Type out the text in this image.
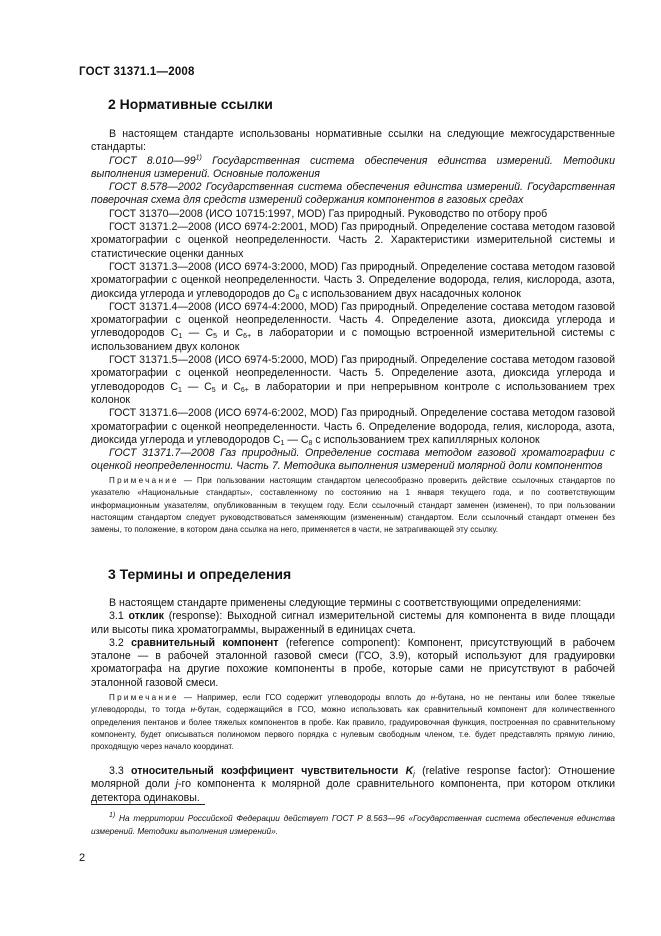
ГОСТ 31371.1—2008
2 Нормативные ссылки

В настоящем стандарте использованы нормативные ссылки на следующие межгосударственные стандарты:

ГОСТ 8.010—99$^{1)}$ Государственная система обеспечения единства измерений. Методики выполнения измерений. Основные положения

ГОСТ 8.578—2002 Государственная система обеспечения единства измерений. Государственная поверочная схема для средств измерений содержания компонентов в газовых средах

ГОСТ 31370—2008 (ИСО 10715:1997, MOD) Газ природный. Руководство по отбору проб

ГОСТ 31371.2—2008 (ИСО 6974-2:2001, MOD) Газ природный. Определение состава методом газовой хроматографии с оценкой неопределенности. Часть 2. Характеристики измерительной системы и статистические оценки данных

ГОСТ 31371.3—2008 (ИСО 6974-3:2000, MOD) Газ природный. Определение состава методом газовой хроматографии с оценкой неопределенности. Часть 3. Определение водорода, гелия, кислорода, азота, диоксида углерода и углеводородов до $C_8$ с использованием двух насадочных колонок

ГОСТ 31371.4—2008 (ИСО 6974-4:2000, MOD) Газ природный. Определение состава методом газовой хроматографии с оценкой неопределенности. Часть 4. Определение азота, диоксида углерода и углеводородов $C_1$ — $C_5$ и $C_{6+}$ в лаборатории и с помощью встроенной измерительной системы с использованием двух колонок

ГОСТ 31371.5—2008 (ИСО 6974-5:2000, MOD) Газ природный. Определение состава методом газовой хроматографии с оценкой неопределенности. Часть 5. Определение азота, диоксида углерода и углеводородов $C_1$ — $C_5$ и $C_{6+}$ в лаборатории и при непрерывном контроле с использованием трех колонок

ГОСТ 31371.6—2008 (ИСО 6974-6:2002, MOD) Газ природный. Определение состава методом газовой хроматографии с оценкой неопределенности. Часть 6. Определение водорода, гелия, кислорода, азота, диоксида углерода и углеводородов $C_1$ — $C_8$ с использованием трех капиллярных колонок

ГОСТ 31371.7—2008 Газ природный. Определение состава методом газовой хроматографии с оценкой неопределенности. Часть 7. Методика выполнения измерений молярной доли компонентов

Примечание — При пользовании настоящим стандартом целесообразно проверить действие ссылочных стандартов по указателю «Национальные стандарты», составленному по состоянию на 1 января текущего года, и по соответствующим информационным указателям, опубликованным в текущем году. Если ссылочный стандарт заменен (изменен), то при пользовании настоящим стандартом следует руководствоваться заменяющим (измененным) стандартом. Если ссылочный стандарт отменен без замены, то положение, в котором дана ссылка на него, применяется в части, не затрагивающей эту ссылку.

3 Термины и определения

В настоящем стандарте применены следующие термины с соответствующими определениями:

3.1 отклик (response): Выходной сигнал измерительной системы для компонента в виде площади или высоты пика хроматограммы, выраженный в единицах счета.

3.2 сравнительный компонент (reference component): Компонент, присутствующий в рабочем эталоне — в рабочей эталонной газовой смеси (ГСО, 3.9), который используют для градуировки хроматографа на другие похожие компоненты в пробе, которые сами не присутствуют в рабочей эталонной газовой смеси.

Примечание — Например, если ГСО содержит углеводороды вплоть до н-бутана, но не пентаны или более тяжелые углеводороды, то тогда н-бутан, содержащийся в ГСО, можно использовать как сравнительный компонент для количественного определения пентанов и более тяжелых компонентов в пробе. Как правило, градуировочная функция, построенная по сравнительному компоненту, будет описываться полиномом первого порядка с нулевым свободным членом, т.е. будет представлять прямую линию, проходящую через начало координат.

3.3 относительный коэффициент чувствительности $K_j$ (relative response factor): Отношение молярной доли j-го компонента к молярной доле сравнительного компонента, при котором отклики детектора одинаковы.

$^{1)}$ На территории Российской Федерации действует ГОСТ Р 8.563—96 «Государственная система обеспечения единства измерений. Методики выполнения измерений».

2
